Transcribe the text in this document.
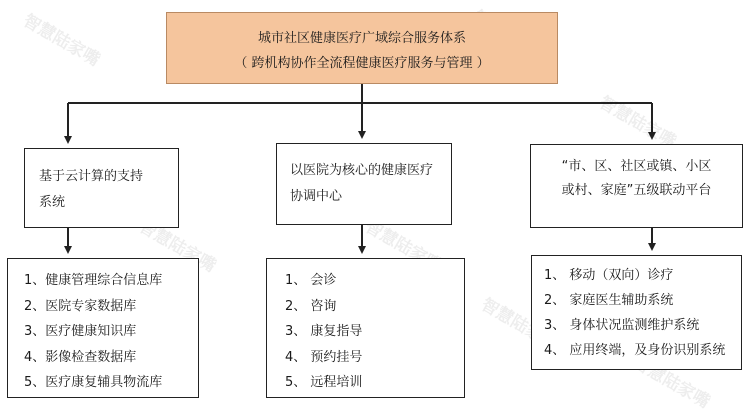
智慧陆家嘴
智慧陆家嘴
智慧陆家嘴	智慧陆家嘴
智慧陆家嘴
智慧陆家嘴
城市社区健康医疗广域综合服务体系
（ 跨机构协作全流程健康医疗服务与管理 ）
基于云计算的支持
系统
以医院为核心的健康医疗
协调中心
“市、区、社区或镇、小区
或村、家庭”五级联动平台
1、健康管理综合信息库
2、医院专家数据库
3、医疗健康知识库
4、影像检查数据库
5、医疗康复辅具物流库
1、 会诊
2、 咨询
3、 康复指导
4、 预约挂号
5、 远程培训
1、 移动（双向）诊疗
2、 家庭医生辅助系统
3、 身体状况监测维护系统
4、 应用终端，及身份识别系统
